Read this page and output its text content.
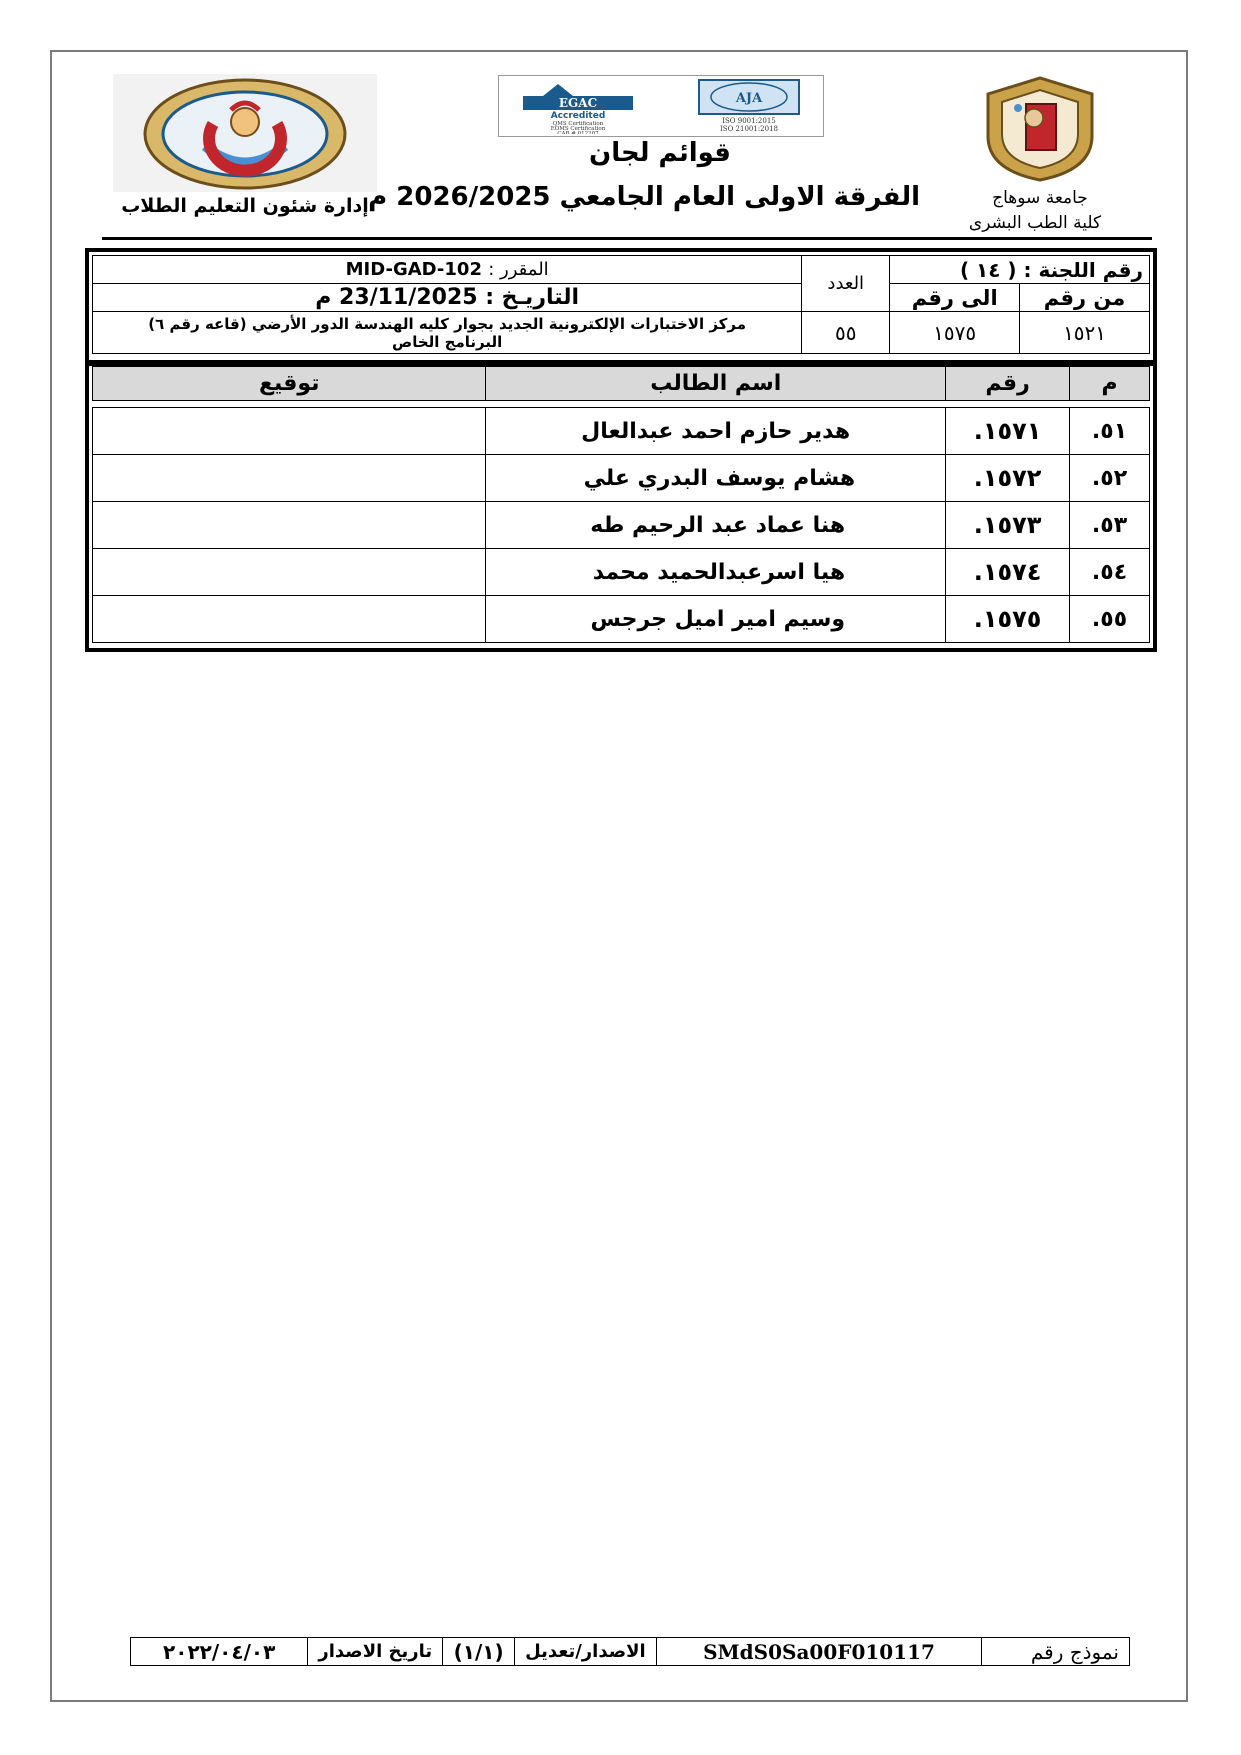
EGAC
Accredited
QMS Certification
EOMS Certification
CAB # 012207
AJA
ISO 9001:2015
ISO 21001:2018
جامعة سوهاج
كلية الطب البشرى
قوائم لجان
الفرقة الاولى العام الجامعي 2026/2025 م
إدارة شئون التعليم الطلاب
رقم اللجنة : ( ١٤ )		العدد	المقرر : MID-GAD-102
من رقم	الى رقم		التاريـخ : 23/11/2025 م
١٥٢١	١٥٧٥	٥٥	مركز الاختبارات الإلكترونية الجديد بجوار كليه الهندسة الدور الأرضي (قاعه رقم ٦)
البرنامج الخاص
م	رقم	اسم الطالب	توقيع

٥١.	١٥٧١.	هدير حازم احمد عبدالعال	
٥٢.	١٥٧٢.	هشام يوسف البدري علي	
٥٣.	١٥٧٣.	هنا عماد عبد الرحيم طه	
٥٤.	١٥٧٤.	هيا اسرعبدالحميد محمد	
٥٥.	١٥٧٥.	وسيم امير اميل جرجس	
نموذج رقم	SMdS0Sa00F010117	الاصدار/تعديل	(١/١)	تاريخ الاصدار	٢٠٢٢/٠٤/٠٣
